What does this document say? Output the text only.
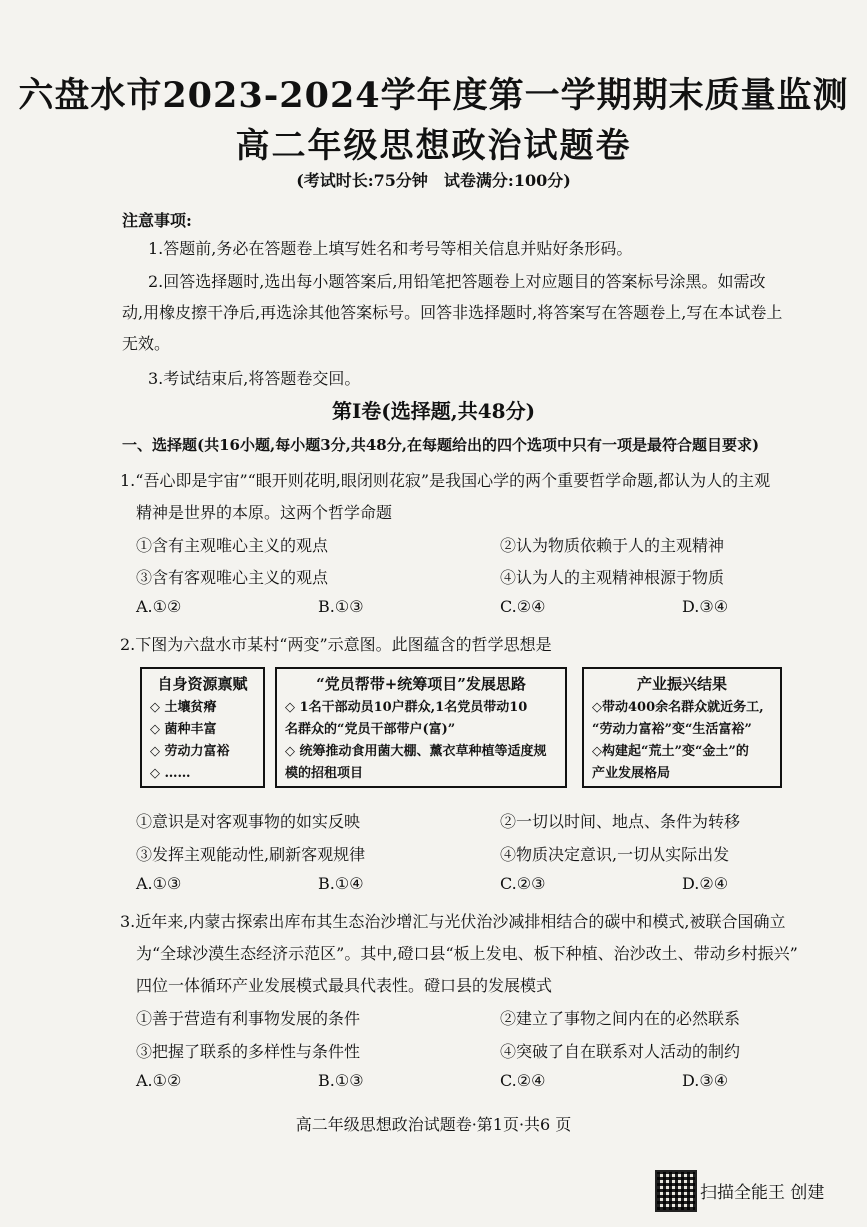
六盘水市2023-2024学年度第一学期期末质量监测
高二年级思想政治试题卷
(考试时长:75分钟　试卷满分:100分)
注意事项:
1.答题前,务必在答题卷上填写姓名和考号等相关信息并贴好条形码。
2.回答选择题时,选出每小题答案后,用铅笔把答题卷上对应题目的答案标号涂黑。如需改
动,用橡皮擦干净后,再选涂其他答案标号。回答非选择题时,将答案写在答题卷上,写在本试卷上
无效。
3.考试结束后,将答题卷交回。
第Ⅰ卷(选择题,共48分)
一、选择题(共16小题,每小题3分,共48分,在每题给出的四个选项中只有一项是最符合题目要求)
1.“吾心即是宇宙”“眼开则花明,眼闭则花寂”是我国心学的两个重要哲学命题,都认为人的主观
精神是世界的本原。这两个哲学命题
①含有主观唯心主义的观点	②认为物质依赖于人的主观精神
③含有客观唯心主义的观点	④认为人的主观精神根源于物质
A.①②	B.①③	C.②④	D.③④
2.下图为六盘水市某村“两变”示意图。此图蕴含的哲学思想是
自身资源禀赋
◇ 土壤贫瘠
◇ 菌种丰富
◇ 劳动力富裕
◇ ……
“党员帮带+统筹项目”发展思路
◇ 1名干部动员10户群众,1名党员带动10
名群众的“党员干部带户(富)”
◇ 统筹推动食用菌大棚、薰衣草种植等适度规
模的招租项目
产业振兴结果
◇带动400余名群众就近务工,
“劳动力富裕”变“生活富裕”
◇构建起“荒土”变“金土”的
产业发展格局
①意识是对客观事物的如实反映	②一切以时间、地点、条件为转移
③发挥主观能动性,刷新客观规律	④物质决定意识,一切从实际出发
A.①③	B.①④	C.②③	D.②④
3.近年来,内蒙古探索出库布其生态治沙增汇与光伏治沙减排相结合的碳中和模式,被联合国确立
为“全球沙漠生态经济示范区”。其中,磴口县“板上发电、板下种植、治沙改土、带动乡村振兴”
四位一体循环产业发展模式最具代表性。磴口县的发展模式
①善于营造有利事物发展的条件	②建立了事物之间内在的必然联系
③把握了联系的多样性与条件性	④突破了自在联系对人活动的制约
A.①②	B.①③	C.②④	D.③④
高二年级思想政治试题卷·第1页·共6 页
扫描全能王 创建
